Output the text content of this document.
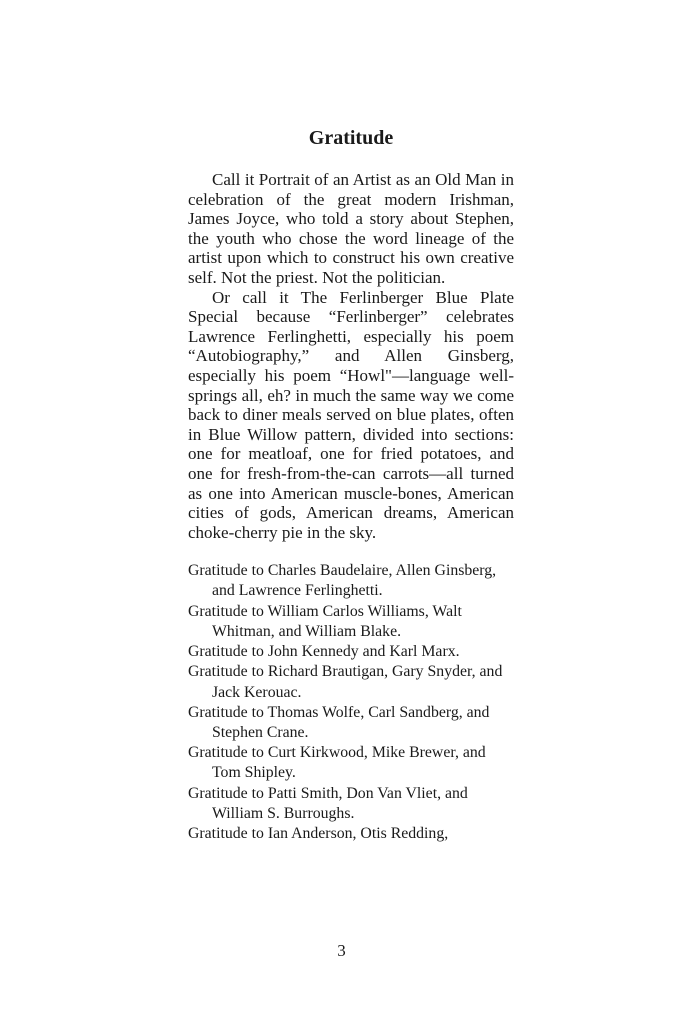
Gratitude

Call it Portrait of an Artist as an Old Man in celebration of the great modern Irishman, James Joyce, who told a story about Stephen, the youth who chose the word lineage of the artist upon which to construct his own creative self. Not the priest. Not the politician.

Or call it The Ferlinberger Blue Plate Special because “Ferlinberger” celebrates Lawrence Ferlinghetti, especially his poem “Autobiography,” and Allen Ginsberg, especially his poem “Howl"—language well-springs all, eh? in much the same way we come back to diner meals served on blue plates, often in Blue Willow pattern, divided into sections: one for meatloaf, one for fried potatoes, and one for fresh-from-the-can carrots—all turned as one into American muscle-bones, American cities of gods, American dreams, American choke-cherry pie in the sky.

Gratitude to Charles Baudelaire, Allen Ginsberg, and Lawrence Ferlinghetti.

Gratitude to William Carlos Williams, Walt Whitman, and William Blake.

Gratitude to John Kennedy and Karl Marx.

Gratitude to Richard Brautigan, Gary Snyder, and Jack Kerouac.

Gratitude to Thomas Wolfe, Carl Sandberg, and Stephen Crane.

Gratitude to Curt Kirkwood, Mike Brewer, and Tom Shipley.

Gratitude to Patti Smith, Don Van Vliet, and William S. Burroughs.

Gratitude to Ian Anderson, Otis Redding,

3
